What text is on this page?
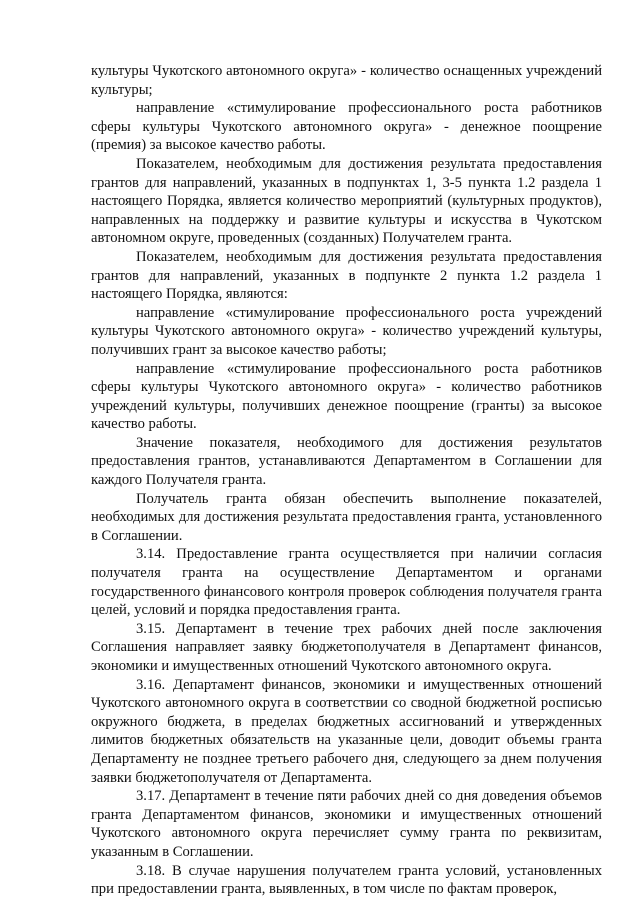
культуры Чукотского автономного округа» - количество оснащенных учреждений культуры;

направление «стимулирование профессионального роста работников сферы культуры Чукотского автономного округа» - денежное поощрение (премия) за высокое качество работы.

Показателем, необходимым для достижения результата предоставления грантов для направлений, указанных в подпунктах 1, 3-5 пункта 1.2 раздела 1 настоящего Порядка, является количество мероприятий (культурных продуктов), направленных на поддержку и развитие культуры и искусства в Чукотском автономном округе, проведенных (созданных) Получателем гранта.

Показателем, необходимым для достижения результата предоставления грантов для направлений, указанных в подпункте 2 пункта 1.2 раздела 1 настоящего Порядка, являются:

направление «стимулирование профессионального роста учреждений культуры Чукотского автономного округа» - количество учреждений культуры, получивших грант за высокое качество работы;

направление «стимулирование профессионального роста работников сферы культуры Чукотского автономного округа» - количество работников учреждений культуры, получивших денежное поощрение (гранты) за высокое качество работы.

Значение показателя, необходимого для достижения результатов предоставления грантов, устанавливаются Департаментом в Соглашении для каждого Получателя гранта.

Получатель гранта обязан обеспечить выполнение показателей, необходимых для достижения результата предоставления гранта, установленного в Соглашении.

3.14. Предоставление гранта осуществляется при наличии согласия получателя гранта на осуществление Департаментом и органами государственного финансового контроля проверок соблюдения получателя гранта целей, условий и порядка предоставления гранта.

3.15. Департамент в течение трех рабочих дней после заключения Соглашения направляет заявку бюджетополучателя в Департамент финансов, экономики и имущественных отношений Чукотского автономного округа.

3.16. Департамент финансов, экономики и имущественных отношений Чукотского автономного округа в соответствии со сводной бюджетной росписью окружного бюджета, в пределах бюджетных ассигнований и утвержденных лимитов бюджетных обязательств на указанные цели, доводит объемы гранта Департаменту не позднее третьего рабочего дня, следующего за днем получения заявки бюджетополучателя от Департамента.

3.17. Департамент в течение пяти рабочих дней со дня доведения объемов гранта Департаментом финансов, экономики и имущественных отношений Чукотского автономного округа перечисляет сумму гранта по реквизитам, указанным в Соглашении.

3.18. В случае нарушения получателем гранта условий, установленных при предоставлении гранта, выявленных, в том числе по фактам проверок,
